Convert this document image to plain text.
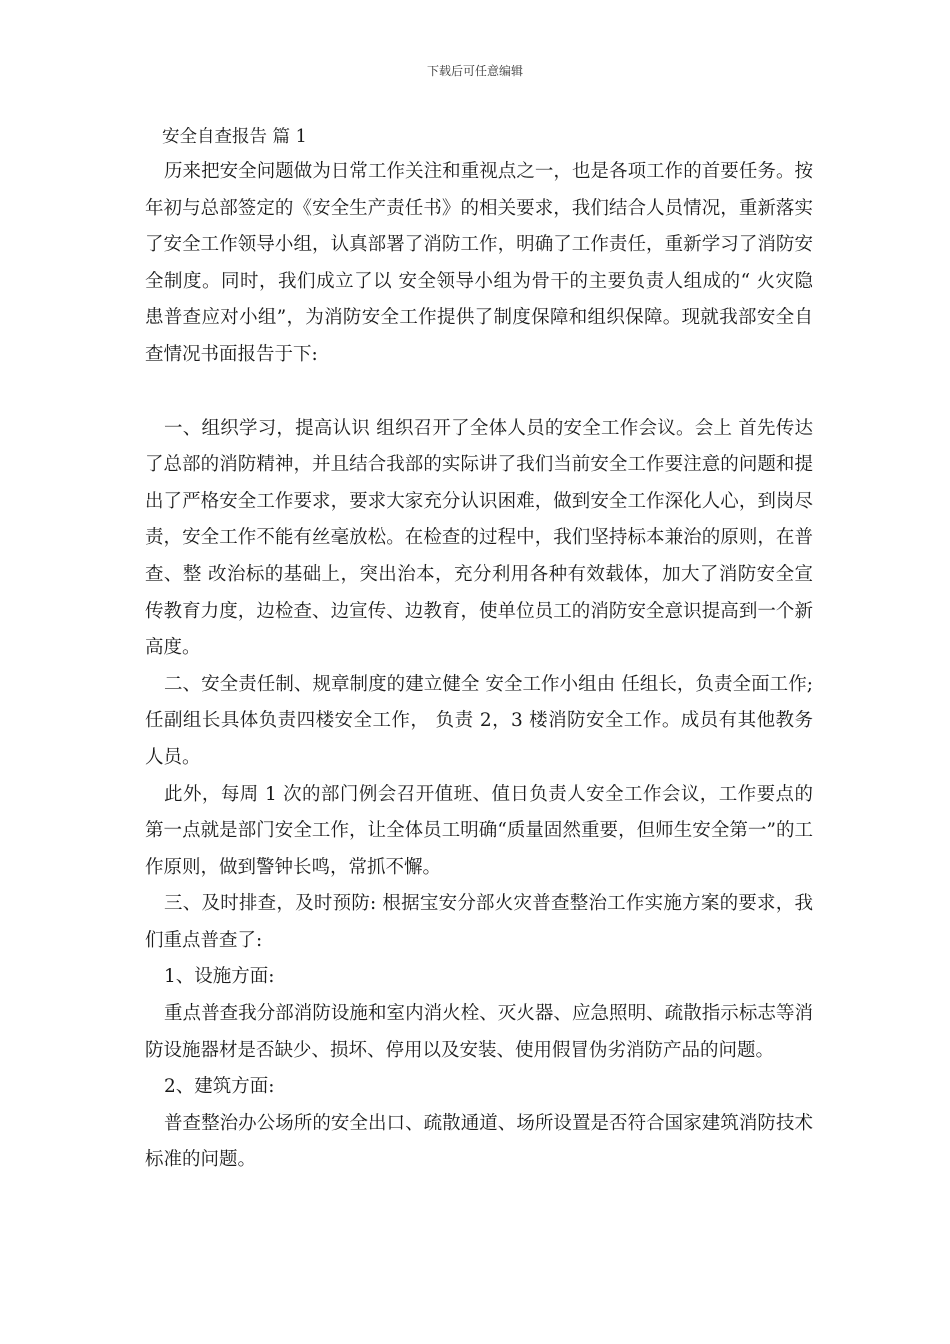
下载后可任意编辑

安全自查报告 篇 1

历来把安全问题做为日常工作关注和重视点之一，也是各项工作的首要任务。按年初与总部签定的《安全生产责任书》的相关要求，我们结合人员情况，重新落实了安全工作领导小组，认真部署了消防工作，明确了工作责任，重新学习了消防安全制度。同时，我们成立了以 安全领导小组为骨干的主要负责人组成的“ 火灾隐患普查应对小组”，为消防安全工作提供了制度保障和组织保障。现就我部安全自查情况书面报告于下:

一、组织学习，提高认识 组织召开了全体人员的安全工作会议。会上 首先传达了总部的消防精神，并且结合我部的实际讲了我们当前安全工作要注意的问题和提出了严格安全工作要求，要求大家充分认识困难，做到安全工作深化人心，到岗尽责，安全工作不能有丝毫放松。在检查的过程中，我们坚持标本兼治的原则，在普查、整 改治标的基础上，突出治本，充分利用各种有效载体，加大了消防安全宣传教育力度，边检查、边宣传、边教育，使单位员工的消防安全意识提高到一个新高度。

二、安全责任制、规章制度的建立健全 安全工作小组由 任组长，负责全面工作; 任副组长具体负责四楼安全工作， 负责 2，3 楼消防安全工作。成员有其他教务人员。

此外，每周 1 次的部门例会召开值班、值日负责人安全工作会议，工作要点的第一点就是部门安全工作，让全体员工明确“质量固然重要，但师生安全第一”的工作原则，做到警钟长鸣，常抓不懈。

三、及时排查，及时预防: 根据宝安分部火灾普查整治工作实施方案的要求，我们重点普查了:

1、设施方面:

重点普查我分部消防设施和室内消火栓、灭火器、应急照明、疏散指示标志等消防设施器材是否缺少、损坏、停用以及安装、使用假冒伪劣消防产品的问题。

2、建筑方面:

普查整治办公场所的安全出口、疏散通道、场所设置是否符合国家建筑消防技术标准的问题。
